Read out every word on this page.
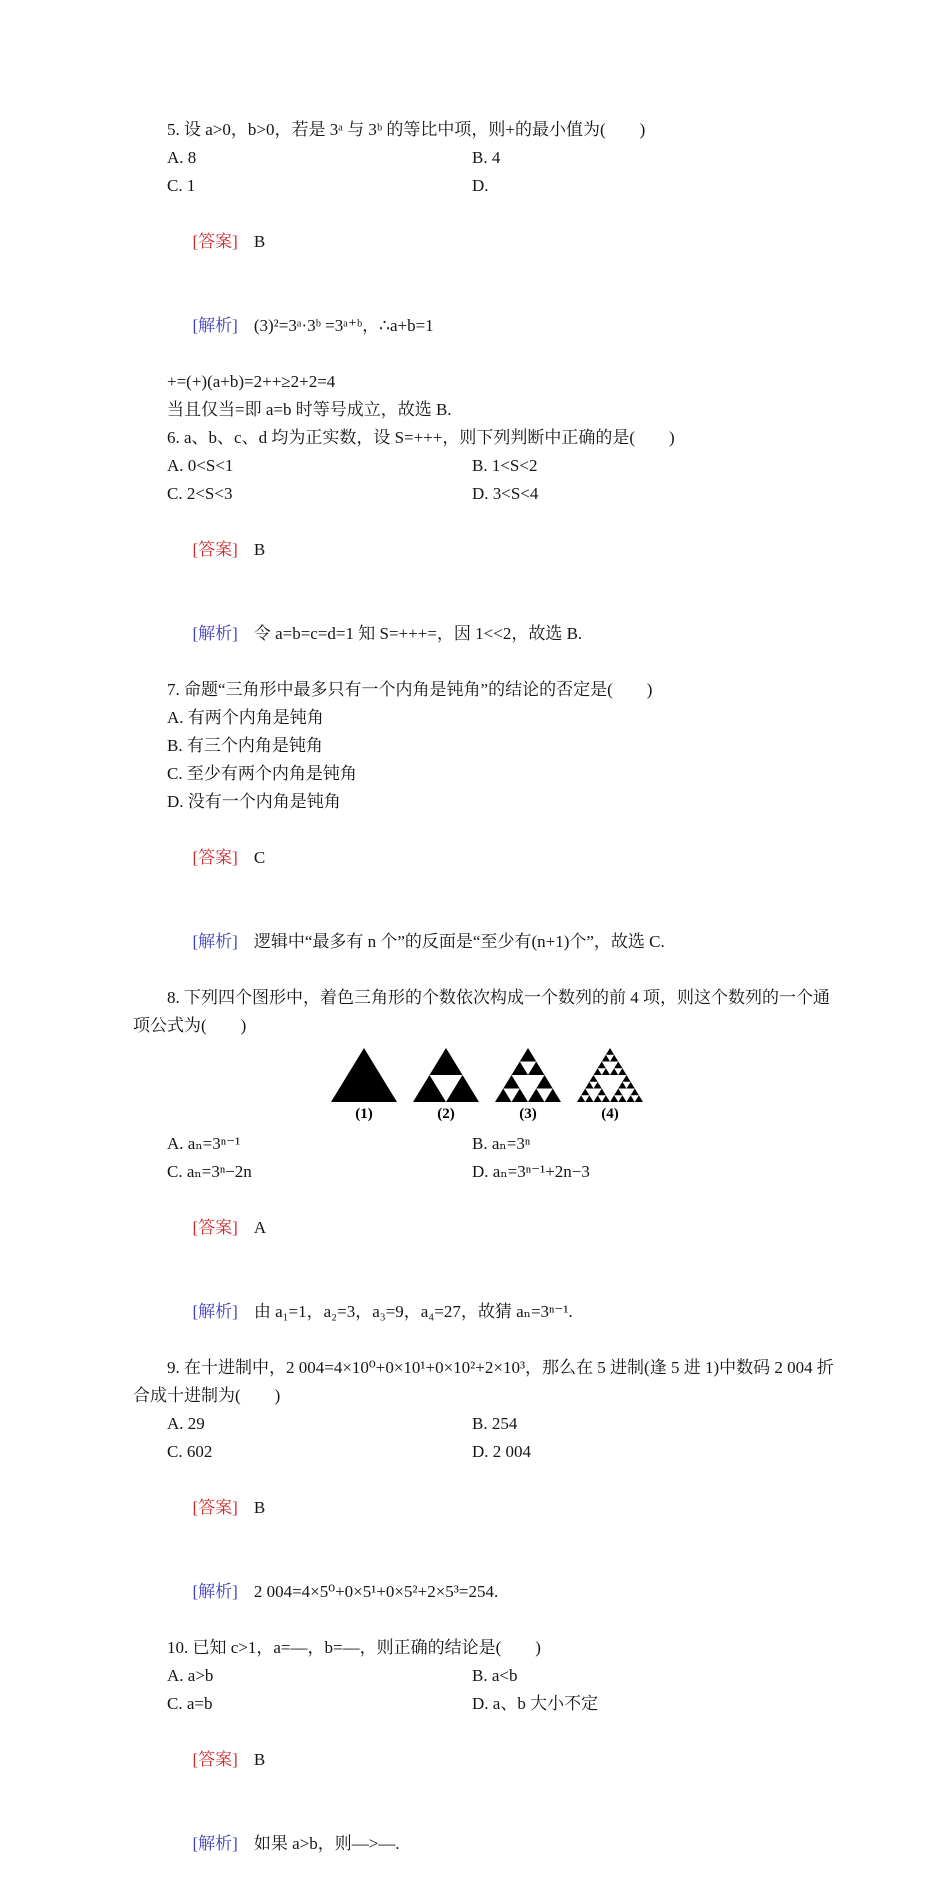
5. 设 a>0，b>0，若是 3ᵃ 与 3ᵇ 的等比中项，则+的最小值为(        )

A. 8	B. 4
C. 1	D.

[答案] B

[解析] (3)²=3ᵃ·3ᵇ =3ᵃ⁺ᵇ，∴a+b=1

+=(+)(a+b)=2++≥2+2=4

当且仅当=即 a=b 时等号成立，故选 B.

6. a、b、c、d 均为正实数，设 S=+++，则下列判断中正确的是(        )

A. 0<S<1	B. 1<S<2
C. 2<S<3	D. 3<S<4

[答案] B

[解析] 令 a=b=c=d=1 知 S=+++=，因 1<<2，故选 B.

7. 命题“三角形中最多只有一个内角是钝角”的结论的否定是(        )

A. 有两个内角是钝角
B. 有三个内角是钝角
C. 至少有两个内角是钝角
D. 没有一个内角是钝角

[答案] C

[解析] 逻辑中“最多有 n 个”的反面是“至少有(n+1)个”，故选 C.

8. 下列四个图形中，着色三角形的个数依次构成一个数列的前 4 项，则这个数列的一个通项公式为(        )

(1)	(2)	(3)	(4)
A. aₙ=3ⁿ⁻¹	B. aₙ=3ⁿ
C. aₙ=3ⁿ−2n	D. aₙ=3ⁿ⁻¹+2n−3

[答案] A

[解析] 由 a₁=1，a₂=3，a₃=9，a₄=27，故猜 aₙ=3ⁿ⁻¹.

9. 在十进制中，2 004=4×10⁰+0×10¹+0×10²+2×10³，那么在 5 进制(逢 5 进 1)中数码 2 004 折合成十进制为(        )

A. 29	B. 254
C. 602	D. 2 004

[答案] B

[解析] 2 004=4×5⁰+0×5¹+0×5²+2×5³=254.

10. 已知 c>1，a=—，b=—，则正确的结论是(        )

A. a>b	B. a<b
C. a=b	D. a、b 大小不定

[答案] B

[解析] 如果 a>b，则—>—.
